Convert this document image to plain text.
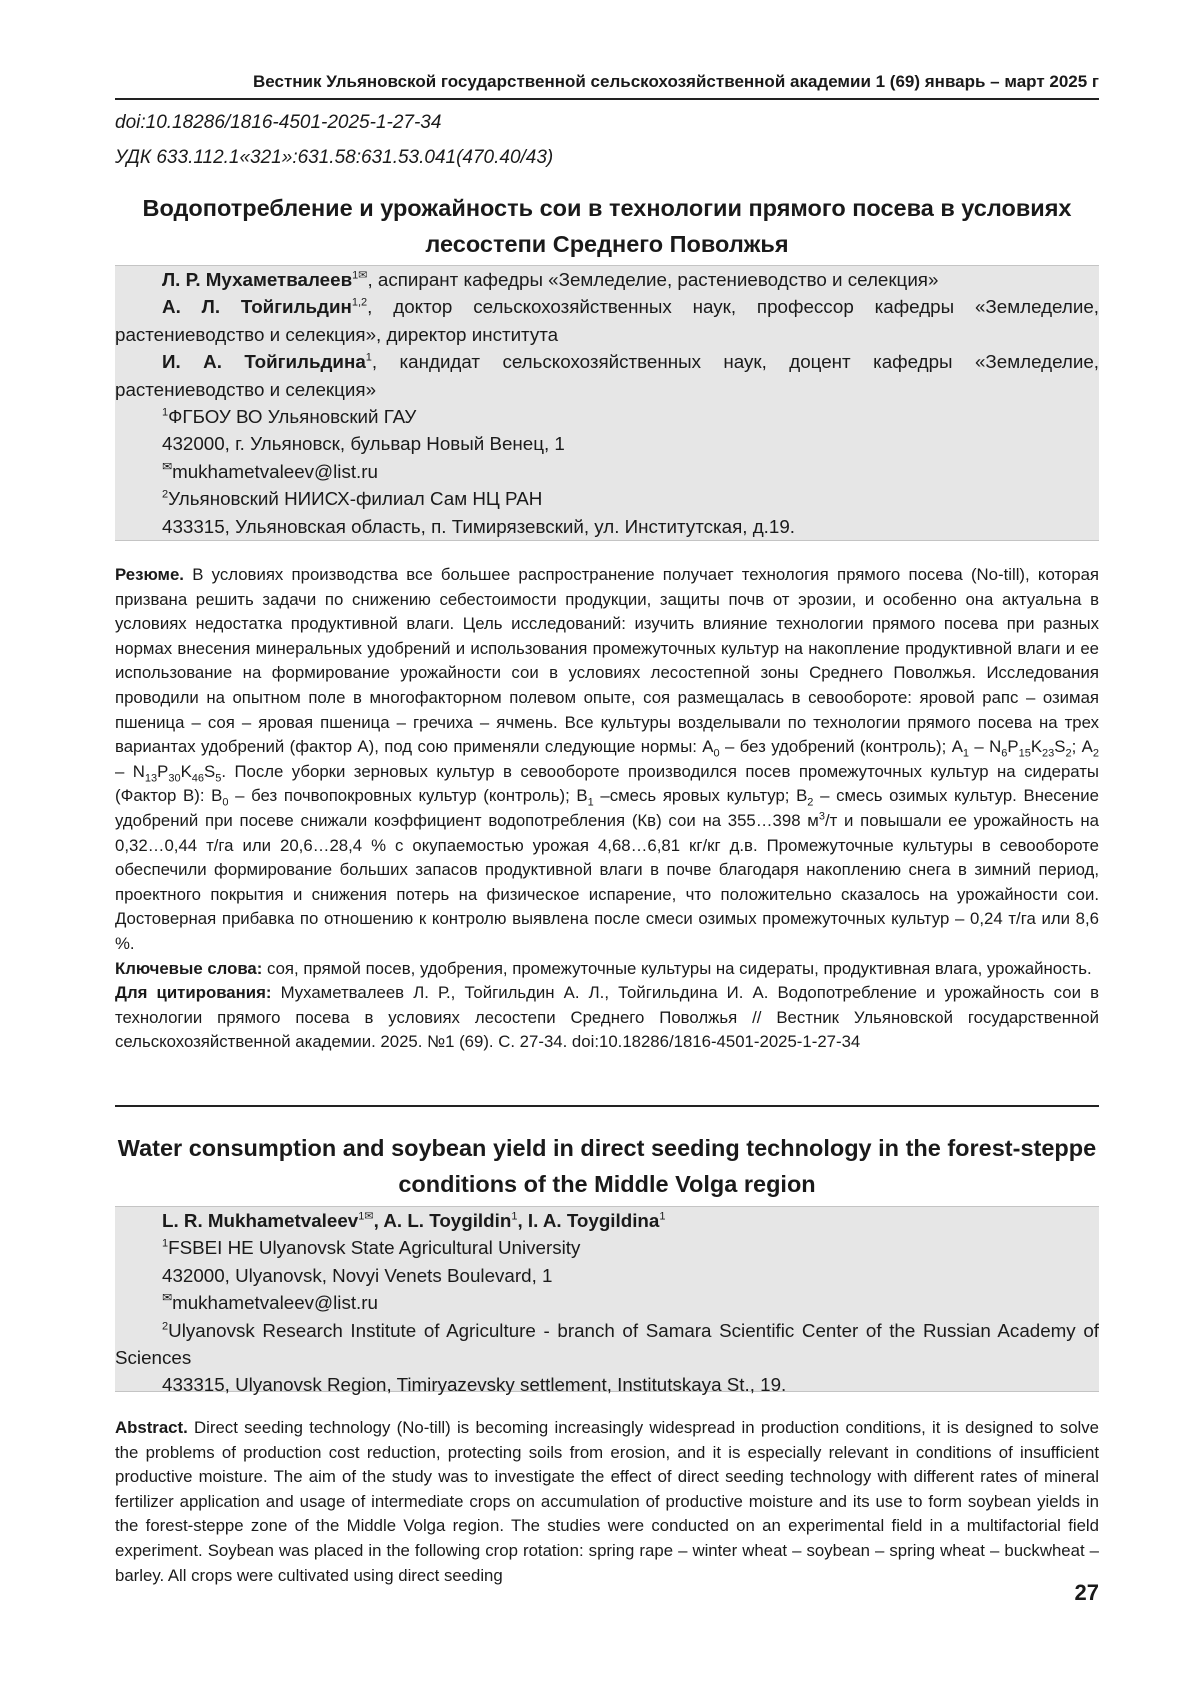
Вестник Ульяновской государственной сельскохозяйственной академии 1 (69) январь – март 2025 г
doi:10.18286/1816-4501-2025-1-27-34
УДК 633.112.1«321»:631.58:631.53.041(470.40/43)
Водопотребление и урожайность сои в технологии прямого посева в условиях лесостепи Среднего Поволжья

Л. Р. Мухаметвалеев1✉, аспирант кафедры «Земледелие, растениеводство и селекция»

А. Л. Тойгильдин1,2, доктор сельскохозяйственных наук, профессор кафедры «Земледелие, растениеводство и селекция», директор института

И. А. Тойгильдина1, кандидат сельскохозяйственных наук, доцент кафедры «Земледелие, растениеводство и селекция»

1ФГБОУ ВО Ульяновский ГАУ

432000, г. Ульяновск, бульвар Новый Венец, 1

✉mukhametvaleev@list.ru

2Ульяновский НИИСХ-филиал Сам НЦ РАН

433315, Ульяновская область, п. Тимирязевский, ул. Институтская, д.19.

Резюме. В условиях производства все большее распространение получает технология прямого посева (No-till), которая призвана решить задачи по снижению себестоимости продукции, защиты почв от эрозии, и особенно она актуальна в условиях недостатка продуктивной влаги. Цель исследований: изучить влияние технологии прямого посева при разных нормах внесения минеральных удобрений и использования промежуточных культур на накопление продуктивной влаги и ее использование на формирование урожайности сои в условиях лесостепной зоны Среднего Поволжья. Исследования проводили на опытном поле в многофакторном полевом опыте, соя размещалась в севообороте: яровой рапс – озимая пшеница – соя – яровая пшеница – гречиха – ячмень. Все культуры возделывали по технологии прямого посева на трех вариантах удобрений (фактор А), под сою применяли следующие нормы: А0 – без удобрений (контроль); А1 – N6P15K23S2; А2 – N13P30K46S5. После уборки зерновых культур в севообороте производился посев промежуточных культур на сидераты (Фактор В): В0 – без почвопокровных культур (контроль); В1 –смесь яровых культур; В2 – смесь озимых культур. Внесение удобрений при посеве снижали коэффициент водопотребления (Кв) сои на 355…398 м3/т и повышали ее урожайность на 0,32…0,44 т/га или 20,6…28,4 % с окупаемостью урожая 4,68…6,81 кг/кг д.в. Промежуточные культуры в севообороте обеспечили формирование больших запасов продуктивной влаги в почве благодаря накоплению снега в зимний период, проектного покрытия и снижения потерь на физическое испарение, что положительно сказалось на урожайности сои. Достоверная прибавка по отношению к контролю выявлена после смеси озимых промежуточных культур – 0,24 т/га или 8,6 %.

Ключевые слова: соя, прямой посев, удобрения, промежуточные культуры на сидераты, продуктивная влага, урожайность.

Для цитирования: Мухаметвалеев Л. Р., Тойгильдин А. Л., Тойгильдина И. А. Водопотребление и урожайность сои в технологии прямого посева в условиях лесостепи Среднего Поволжья // Вестник Ульяновской государственной сельскохозяйственной академии. 2025. №1 (69). С. 27-34. doi:10.18286/1816-4501-2025-1-27-34

Water consumption and soybean yield in direct seeding technology in the forest-steppe conditions of the Middle Volga region

L. R. Mukhametvaleev1✉, A. L. Toygildin1, I. A. Toygildina1

1FSBEI HE Ulyanovsk State Agricultural University

432000, Ulyanovsk, Novyi Venets Boulevard, 1

✉mukhametvaleev@list.ru

2Ulyanovsk Research Institute of Agriculture - branch of Samara Scientific Center of the Russian Academy of Sciences

433315, Ulyanovsk Region, Timiryazevsky settlement, Institutskaya St., 19.

Abstract. Direct seeding technology (No-till) is becoming increasingly widespread in production conditions, it is designed to solve the problems of production cost reduction, protecting soils from erosion, and it is especially relevant in conditions of insufficient productive moisture. The aim of the study was to investigate the effect of direct seeding technology with different rates of mineral fertilizer application and usage of intermediate crops on accumulation of productive moisture and its use to form soybean yields in the forest-steppe zone of the Middle Volga region. The studies were conducted on an experimental field in a multifactorial field experiment. Soybean was placed in the following crop rotation: spring rape – winter wheat – soybean – spring wheat – buckwheat – barley. All crops were cultivated using direct seeding

27
